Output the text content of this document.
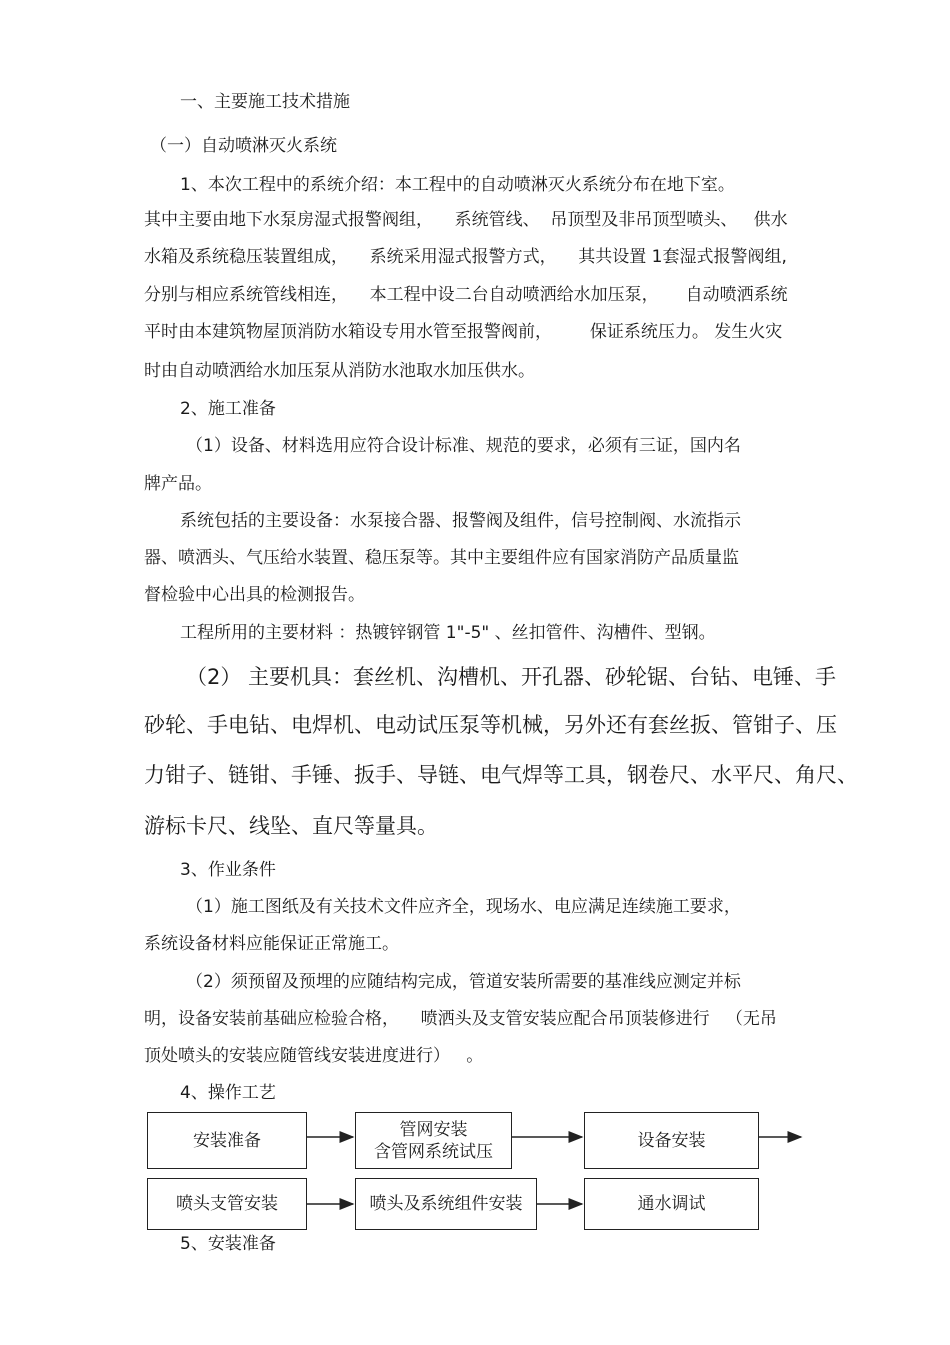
一、主要施工技术措施
（一）自动喷淋灭火系统
1、本次工程中的系统介绍：本工程中的自动喷淋灭火系统分布在地下室。
其中主要由地下水泵房湿式报警阀组，    系统管线、  吊顶型及非吊顶型喷头、   供水
水箱及系统稳压装置组成，    系统采用湿式报警方式，    其共设置 1套湿式报警阀组,
分别与相应系统管线相连，    本工程中设二台自动喷洒给水加压泵，     自动喷洒系统
平时由本建筑物屋顶消防水箱设专用水管至报警阀前，       保证系统压力。 发生火灾
时由自动喷洒给水加压泵从消防水池取水加压供水。
2、施工准备
（1）设备、材料选用应符合设计标准、规范的要求，必须有三证，国内名
牌产品。
系统包括的主要设备：水泵接合器、报警阀及组件，信号控制阀、水流指示
器、喷洒头、气压给水装置、稳压泵等。其中主要组件应有国家消防产品质量监
督检验中心出具的检测报告。
工程所用的主要材料 ：热镀锌钢管 1"-5" 、丝扣管件、沟槽件、型钢。
（2） 主要机具：套丝机、沟槽机、开孔器、砂轮锯、台钻、电锤、手
砂轮、手电钻、电焊机、电动试压泵等机械，另外还有套丝扳、管钳子、压
力钳子、链钳、手锤、扳手、导链、电气焊等工具，钢卷尺、水平尺、角尺、
游标卡尺、线坠、直尺等量具。
3、作业条件
（1）施工图纸及有关技术文件应齐全，现场水、电应满足连续施工要求，
系统设备材料应能保证正常施工。
（2）须预留及预埋的应随结构完成，管道安装所需要的基准线应测定并标
明，设备安装前基础应检验合格，    喷洒头及支管安装应配合吊顶装修进行   （无吊
顶处喷头的安装应随管线安装进度进行）   。
4、操作工艺
安装准备
管网安装
含管网系统试压
设备安装
喷头支管安装	喷头及系统组件安装	通水调试
5、安装准备
